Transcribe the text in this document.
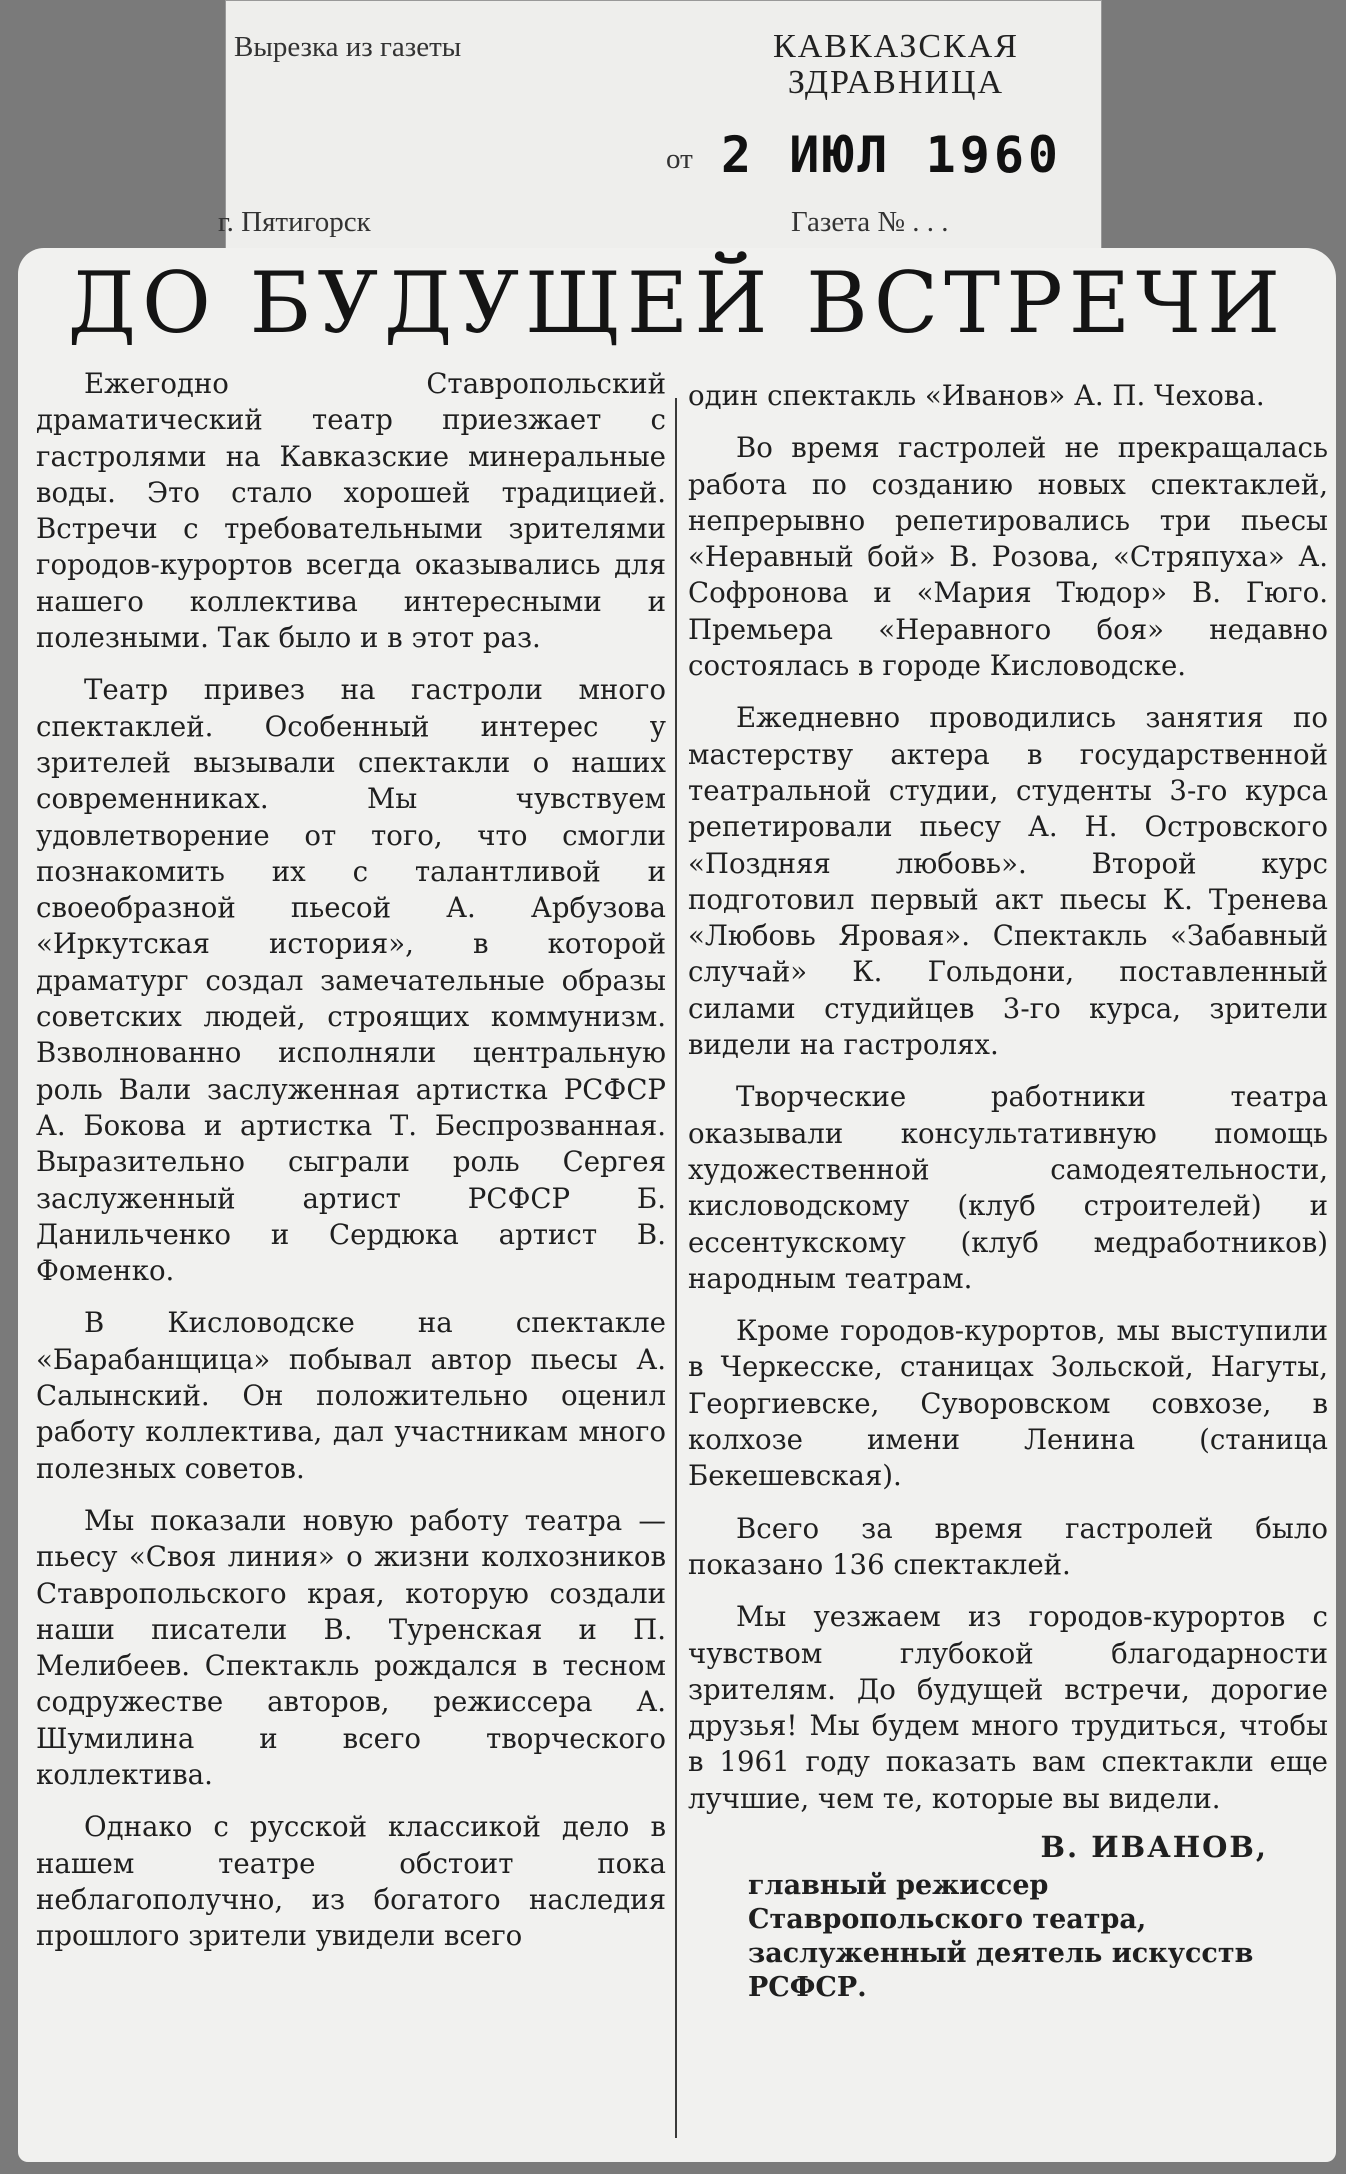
Вырезка из газеты	КАВКАЗСКАЯ
ЗДРАВНИЦА
от 2 ИЮЛ 1960
г. Пятигорск	Газета № . . .
ДО БУДУЩЕЙ ВСТРЕЧИ

Ежегодно Ставропольский драматический театр приезжает с гастролями на Кавказские минеральные воды. Это стало хорошей традицией. Встречи с требовательными зрителями городов-курортов всегда оказывались для нашего коллектива интересными и полезными. Так было и в этот раз.

Театр привез на гастроли много спектаклей. Особенный интерес у зрителей вызывали спектакли о наших современниках. Мы чувствуем удовлетворение от того, что смогли познакомить их с талантливой и своеобразной пьесой А. Арбузова «Иркутская история», в которой драматург создал замечательные образы советских людей, строящих коммунизм. Взволнованно исполняли центральную роль Вали заслуженная артистка РСФСР А. Бокова и артистка Т. Беспрозванная. Выразительно сыграли роль Сергея заслуженный артист РСФСР Б. Данильченко и Сердюка артист В. Фоменко.

В Кисловодске на спектакле «Барабанщица» побывал автор пьесы А. Салынский. Он положительно оценил работу коллектива, дал участникам много полезных советов.

Мы показали новую работу театра — пьесу «Своя линия» о жизни колхозников Ставропольского края, которую создали наши писатели В. Туренская и П. Мелибеев. Спектакль рождался в тесном содружестве авторов, режиссера А. Шумилина и всего творческого коллектива.

Однако с русской классикой дело в нашем театре обстоит пока неблагополучно, из богатого наследия прошлого зрители увидели всего

один спектакль «Иванов» А. П. Чехова.

Во время гастролей не прекращалась работа по созданию новых спектаклей, непрерывно репетировались три пьесы «Неравный бой» В. Розова, «Стряпуха» А. Софронова и «Мария Тюдор» В. Гюго. Премьера «Неравного боя» недавно состоялась в городе Кисловодске.

Ежедневно проводились занятия по мастерству актера в государственной театральной студии, студенты 3-го курса репетировали пьесу А. Н. Островского «Поздняя любовь». Второй курс подготовил первый акт пьесы К. Тренева «Любовь Яровая». Спектакль «Забавный случай» К. Гольдони, поставленный силами студийцев 3-го курса, зрители видели на гастролях.

Творческие работники театра оказывали консультативную помощь художественной самодеятельности, кисловодскому (клуб строителей) и ессентукскому (клуб медработников) народным театрам.

Кроме городов-курортов, мы выступили в Черкесске, станицах Зольской, Нагуты, Георгиевске, Суворовском совхозе, в колхозе имени Ленина (станица Бекешевская).

Всего за время гастролей было показано 136 спектаклей.

Мы уезжаем из городов-курортов с чувством глубокой благодарности зрителям. До будущей встречи, дорогие друзья! Мы будем много трудиться, чтобы в 1961 году показать вам спектакли еще лучшие, чем те, которые вы видели.

В. ИВАНОВ,
главный режиссер Ставропольского театра, заслуженный деятель искусств РСФСР.
